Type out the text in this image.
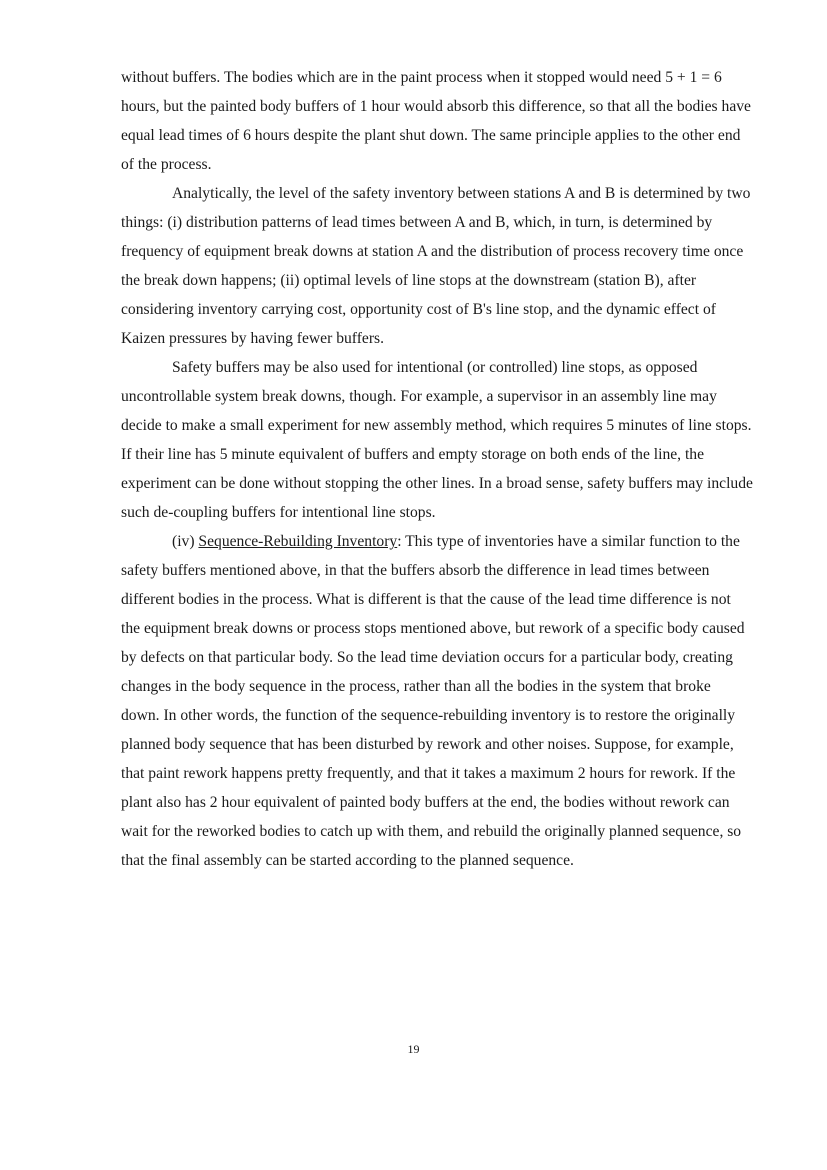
without buffers. The bodies which are in the paint process when it stopped would need 5 + 1 = 6 hours, but the painted body buffers of 1 hour would absorb this difference, so that all the bodies have equal lead times of 6 hours despite the plant shut down. The same principle applies to the other end of the process.

Analytically, the level of the safety inventory between stations A and B is determined by two things: (i) distribution patterns of lead times between A and B, which, in turn, is determined by frequency of equipment break downs at station A and the distribution of process recovery time once the break down happens; (ii) optimal levels of line stops at the downstream (station B), after considering inventory carrying cost, opportunity cost of B's line stop, and the dynamic effect of Kaizen pressures by having fewer buffers.

Safety buffers may be also used for intentional (or controlled) line stops, as opposed uncontrollable system break downs, though. For example, a supervisor in an assembly line may decide to make a small experiment for new assembly method, which requires 5 minutes of line stops. If their line has 5 minute equivalent of buffers and empty storage on both ends of the line, the experiment can be done without stopping the other lines. In a broad sense, safety buffers may include such de-coupling buffers for intentional line stops.

(iv) Sequence-Rebuilding Inventory: This type of inventories have a similar function to the safety buffers mentioned above, in that the buffers absorb the difference in lead times between different bodies in the process. What is different is that the cause of the lead time difference is not the equipment break downs or process stops mentioned above, but rework of a specific body caused by defects on that particular body. So the lead time deviation occurs for a particular body, creating changes in the body sequence in the process, rather than all the bodies in the system that broke down. In other words, the function of the sequence-rebuilding inventory is to restore the originally planned body sequence that has been disturbed by rework and other noises. Suppose, for example, that paint rework happens pretty frequently, and that it takes a maximum 2 hours for rework. If the plant also has 2 hour equivalent of painted body buffers at the end, the bodies without rework can wait for the reworked bodies to catch up with them, and rebuild the originally planned sequence, so that the final assembly can be started according to the planned sequence.

19
